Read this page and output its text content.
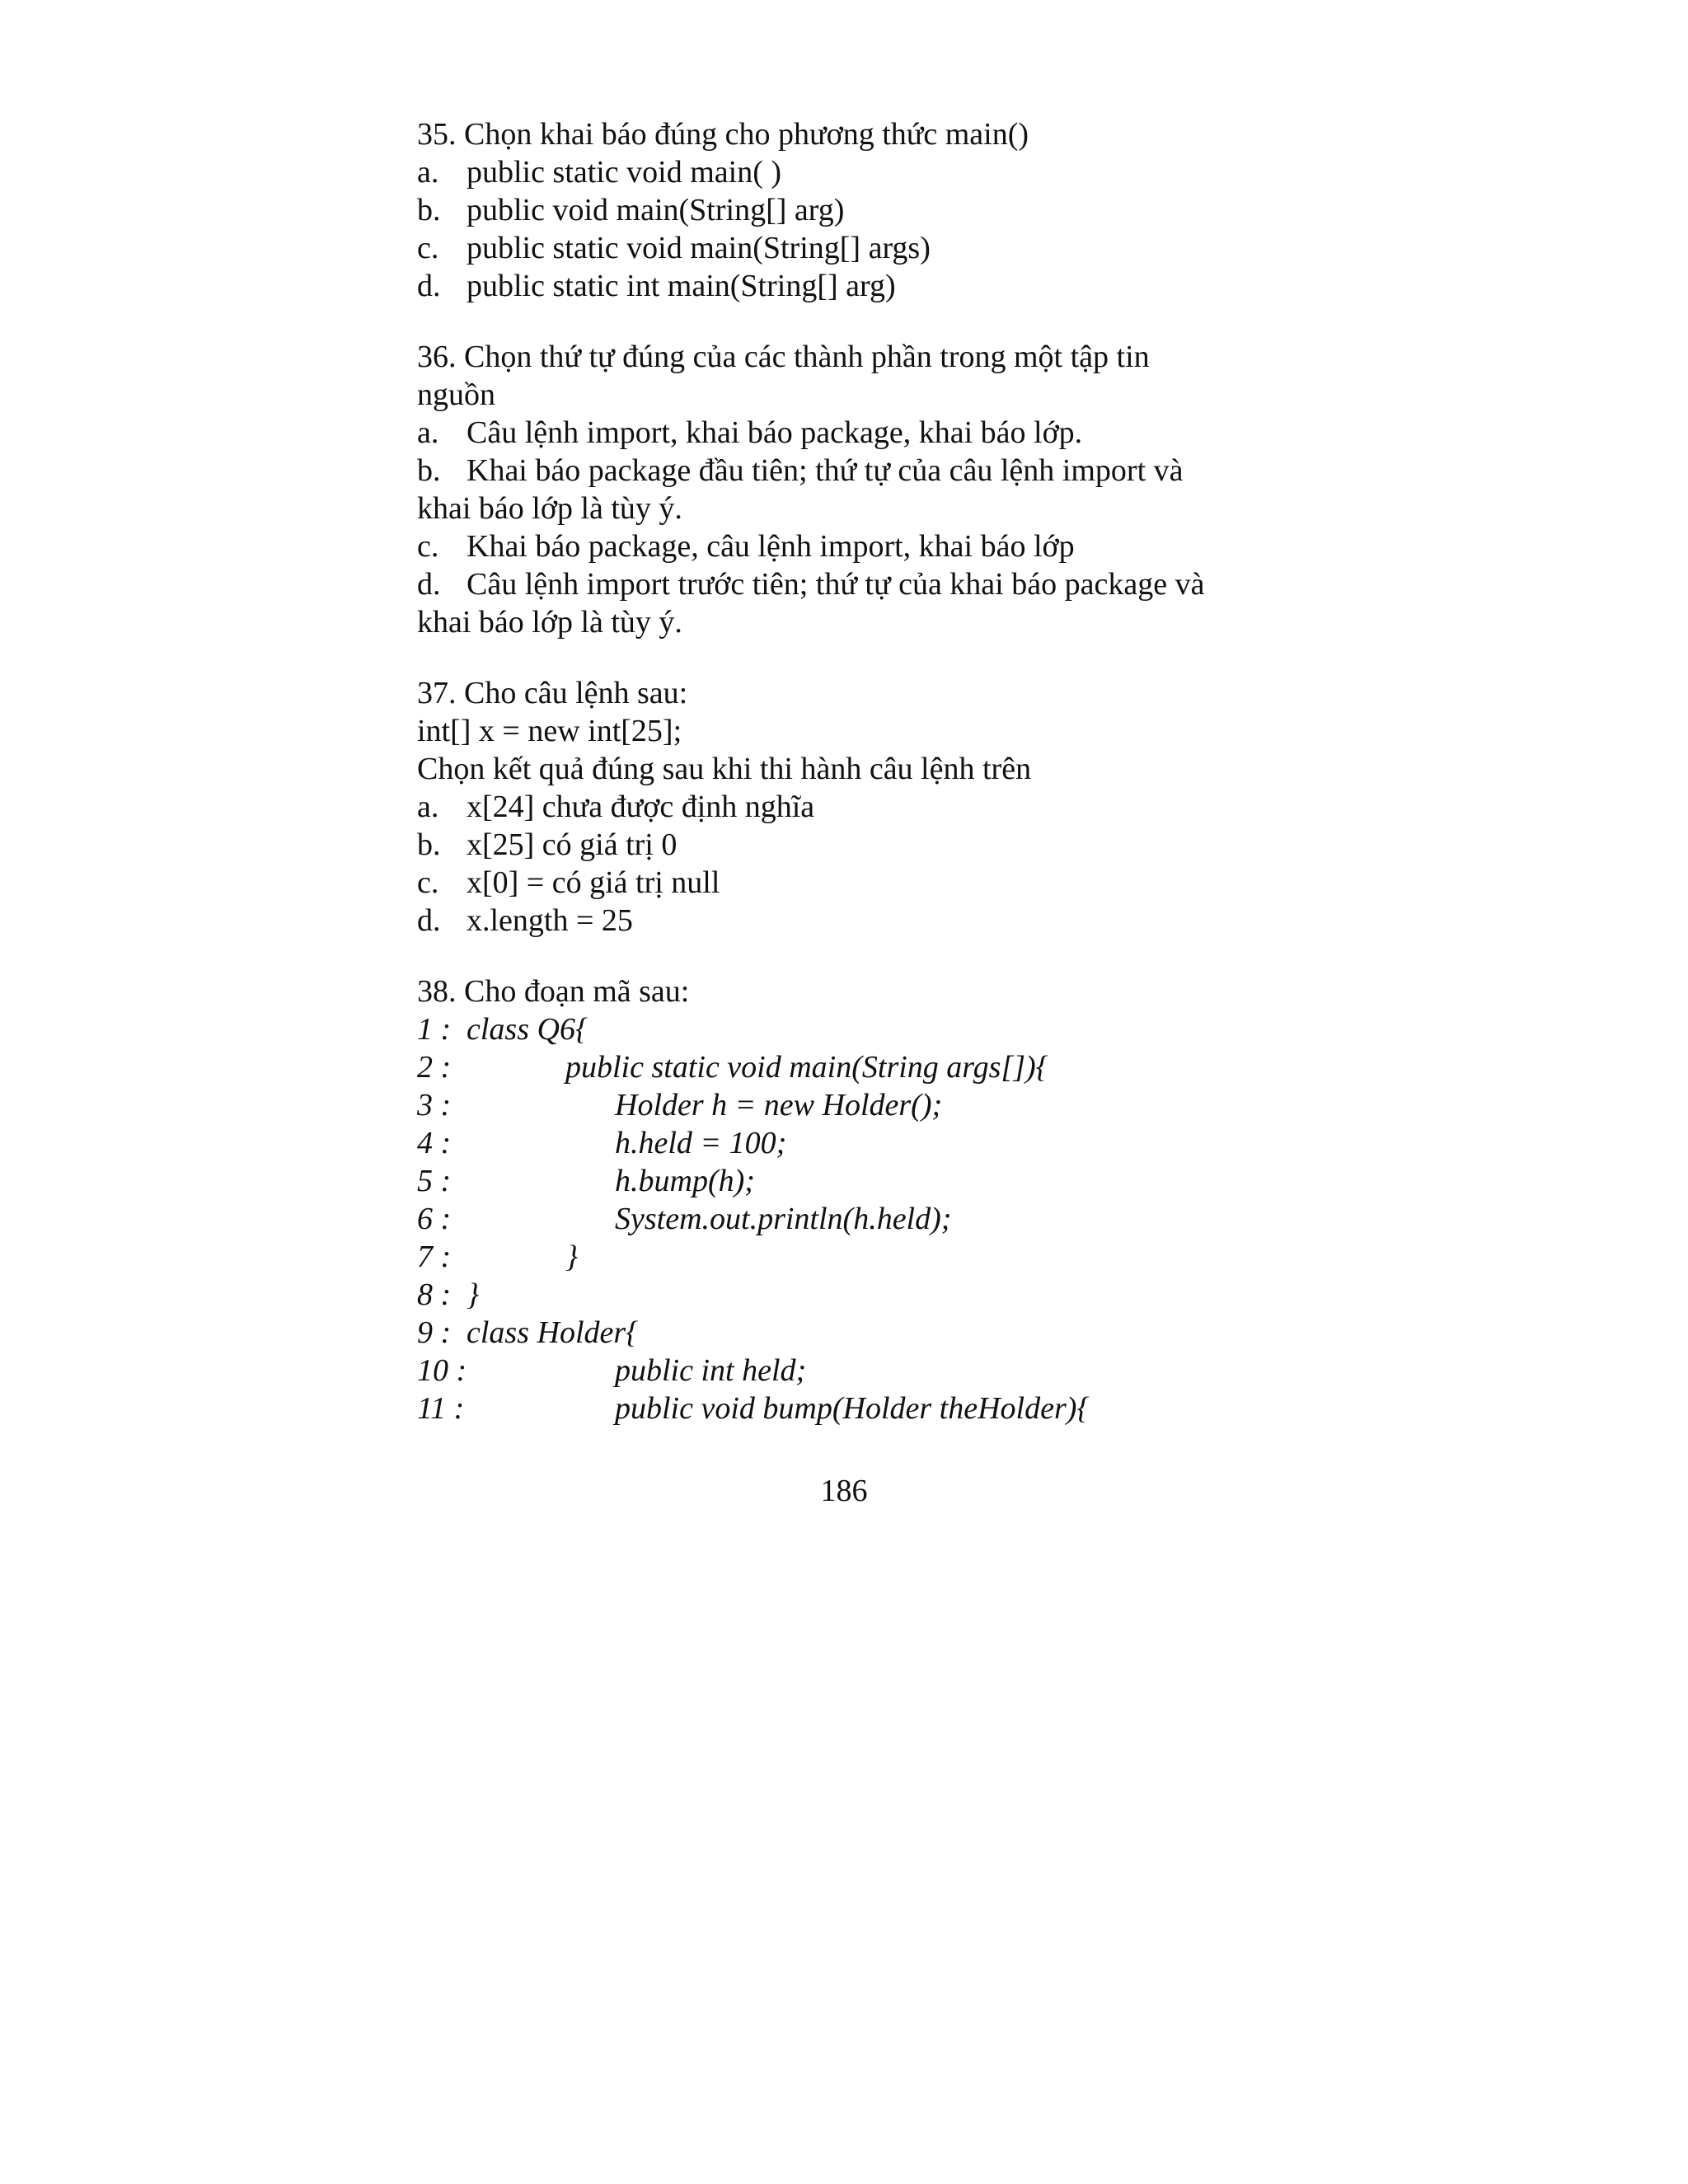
35. Chọn khai báo đúng cho phương thức main()
a. public static void main( )
b. public void main(String[] arg)
c. public static void main(String[] args)
d. public static int main(String[] arg)
36. Chọn thứ tự đúng của các thành phần trong một tập tin
nguồn
a. Câu lệnh import, khai báo package, khai báo lớp.
b. Khai báo package đầu tiên; thứ tự của câu lệnh import và
khai báo lớp là tùy ý.
c. Khai báo package, câu lệnh import, khai báo lớp
d. Câu lệnh import trước tiên; thứ tự của khai báo package và
khai báo lớp là tùy ý.
37. Cho câu lệnh sau:
int[] x = new int[25];
Chọn kết quả đúng sau khi thi hành câu lệnh trên
a. x[24] chưa được định nghĩa
b. x[25] có giá trị 0
c. x[0] = có giá trị null
d. x.length = 25
38. Cho đoạn mã sau:
1 : class Q6{
2 :	public static void main(String args[]){
3 :	Holder h = new Holder();
4 :	h.held = 100;
5 :	h.bump(h);
6 :	System.out.println(h.held);
7 :	}
8 : }
9 : class Holder{
10 :	public int held;
11 :	public void bump(Holder theHolder){
186
